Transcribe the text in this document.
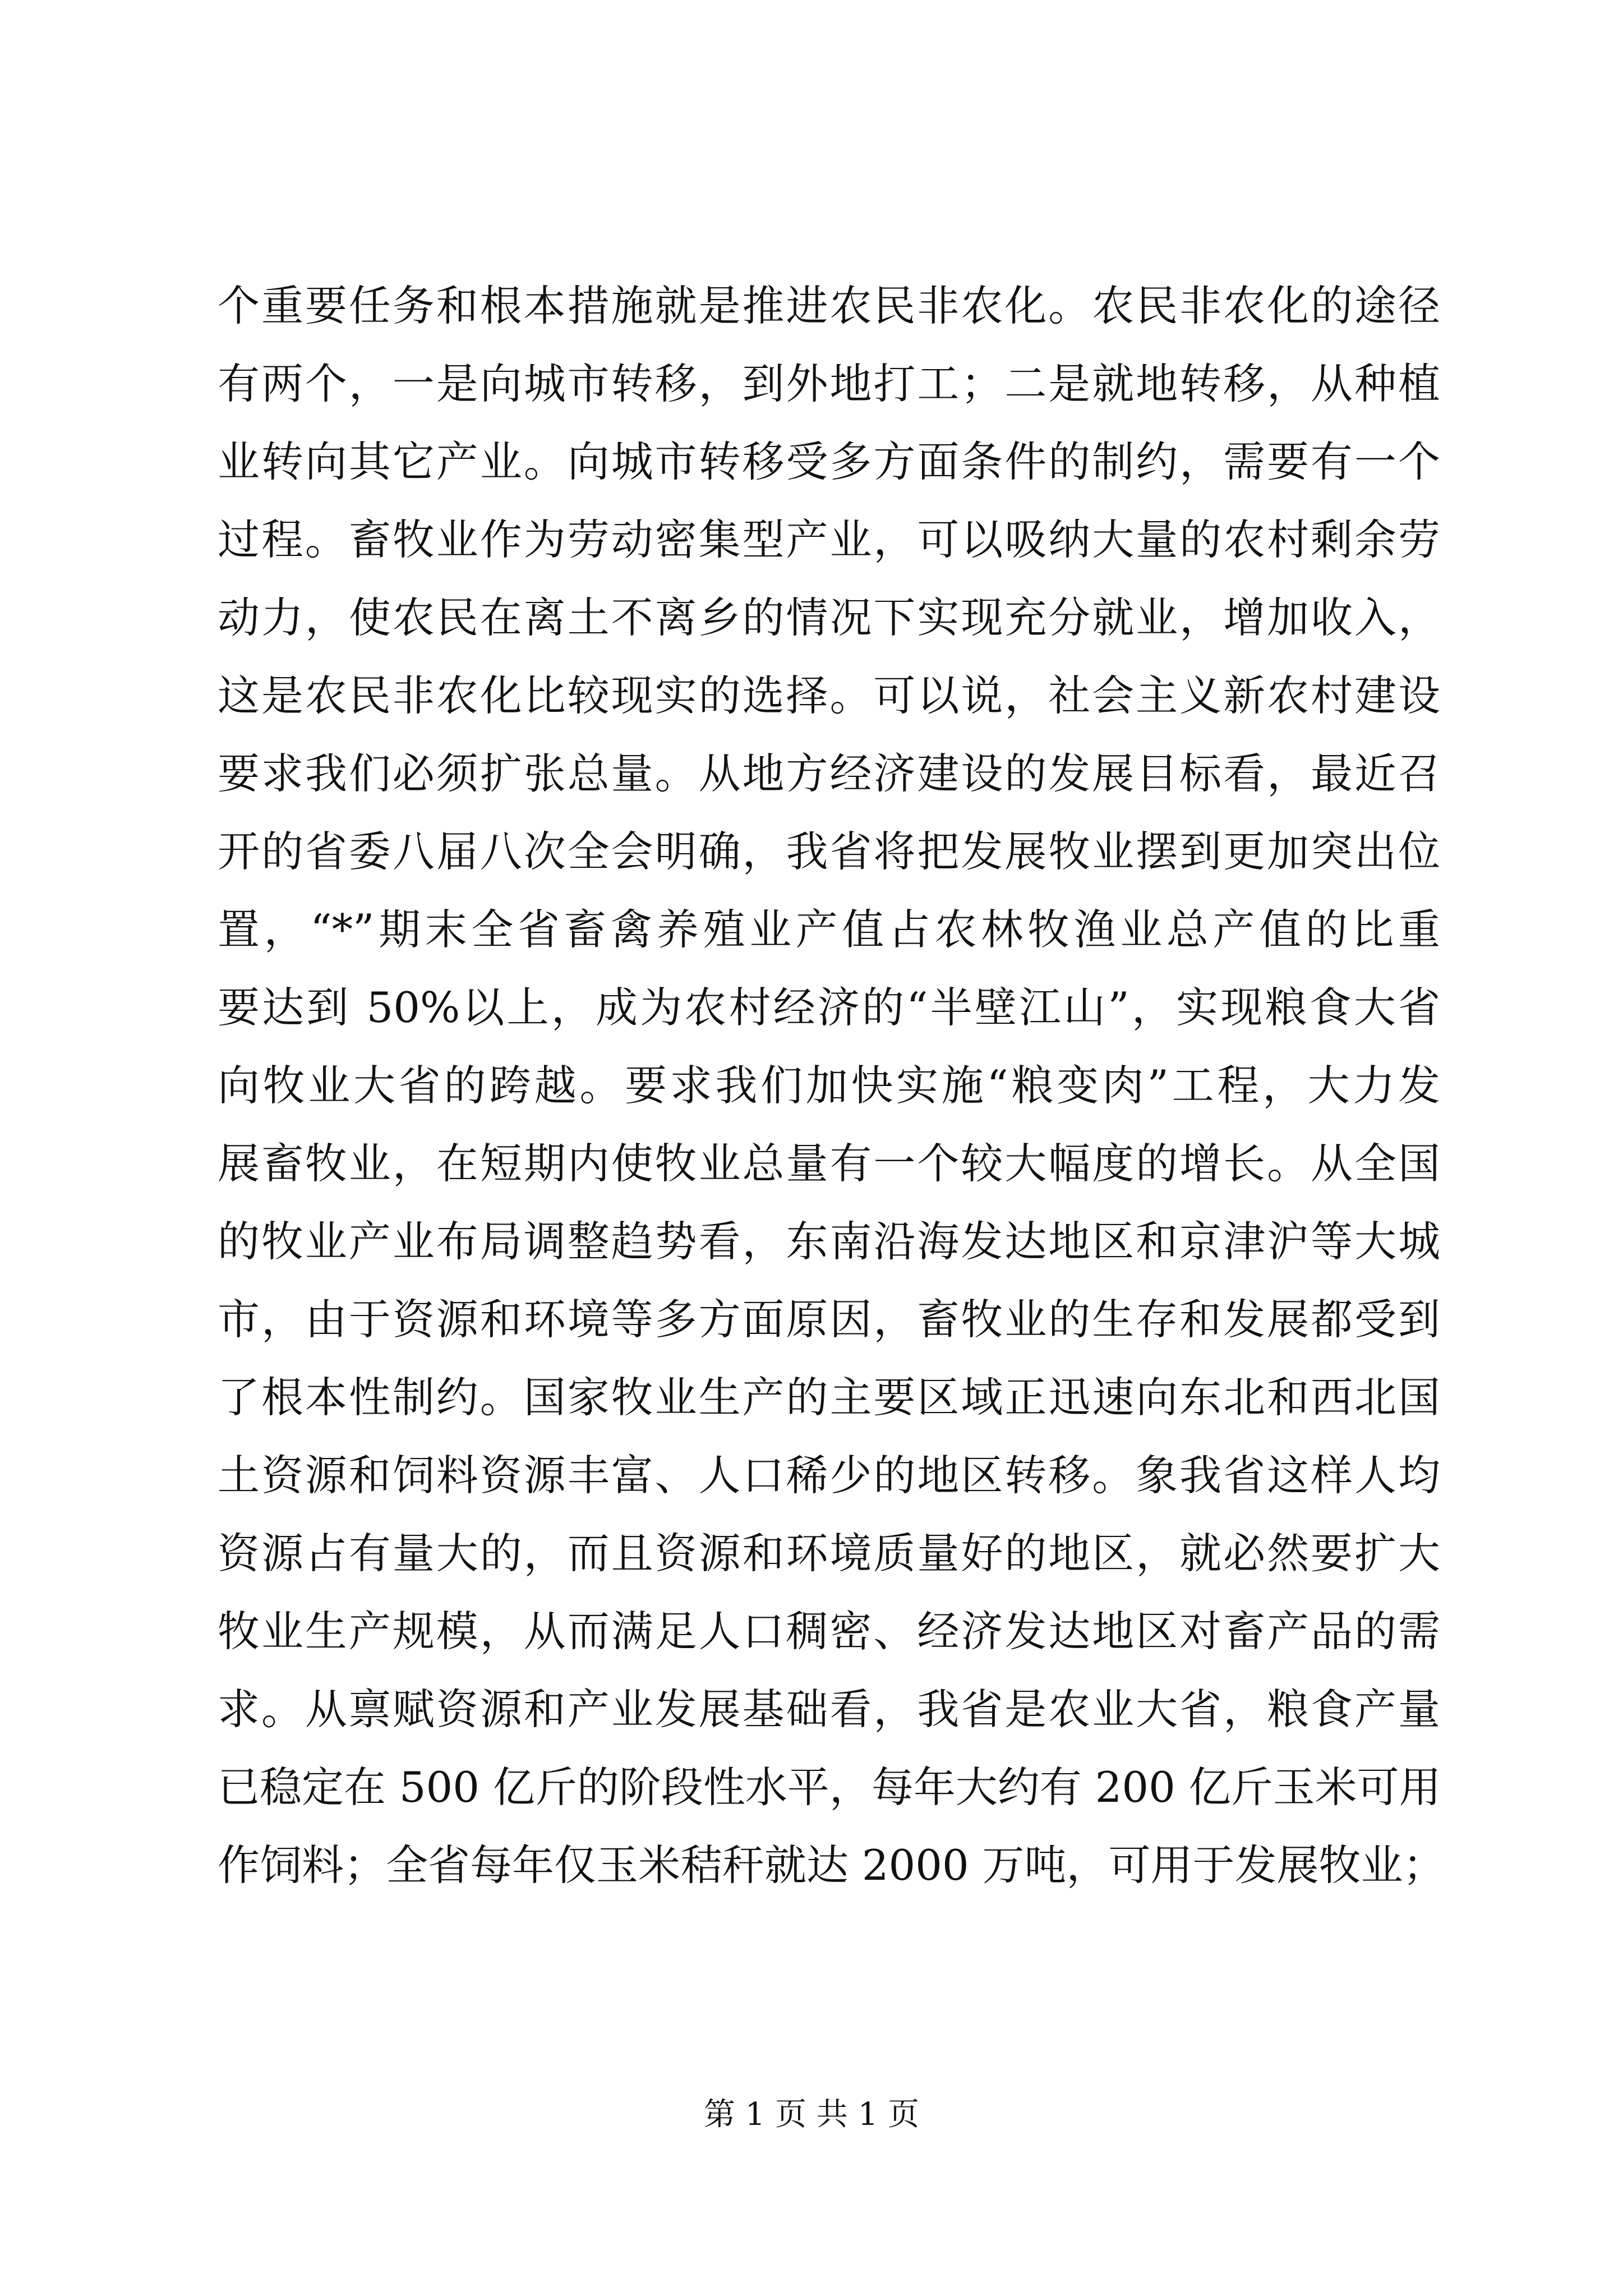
个重要任务和根本措施就是推进农民非农化。农民非农化的途径
有两个，一是向城市转移，到外地打工；二是就地转移，从种植
业转向其它产业。向城市转移受多方面条件的制约，需要有一个
过程。畜牧业作为劳动密集型产业，可以吸纳大量的农村剩余劳
动力，使农民在离土不离乡的情况下实现充分就业，增加收入，
这是农民非农化比较现实的选择。可以说，社会主义新农村建设
要求我们必须扩张总量。从地方经济建设的发展目标看，最近召
开的省委八届八次全会明确，我省将把发展牧业摆到更加突出位
置，“*”期末全省畜禽养殖业产值占农林牧渔业总产值的比重
要达到 50%以上，成为农村经济的“半壁江山”，实现粮食大省
向牧业大省的跨越。要求我们加快实施“粮变肉”工程，大力发
展畜牧业，在短期内使牧业总量有一个较大幅度的增长。从全国
的牧业产业布局调整趋势看，东南沿海发达地区和京津沪等大城
市，由于资源和环境等多方面原因，畜牧业的生存和发展都受到
了根本性制约。国家牧业生产的主要区域正迅速向东北和西北国
土资源和饲料资源丰富、人口稀少的地区转移。象我省这样人均
资源占有量大的，而且资源和环境质量好的地区，就必然要扩大
牧业生产规模，从而满足人口稠密、经济发达地区对畜产品的需
求。从禀赋资源和产业发展基础看，我省是农业大省，粮食产量
已稳定在 500 亿斤的阶段性水平，每年大约有 200 亿斤玉米可用
作饲料；全省每年仅玉米秸秆就达 2000 万吨，可用于发展牧业；
第 1 页 共 1 页
